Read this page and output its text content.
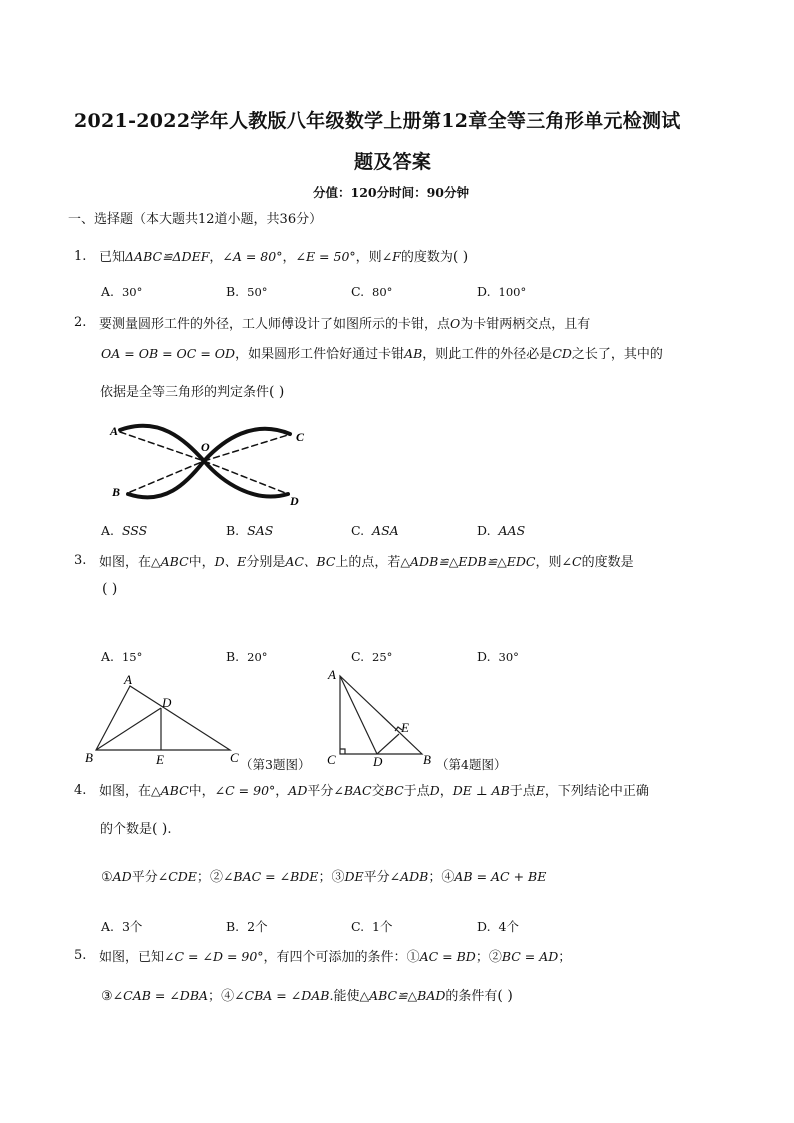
2021-2022学年人教版八年级数学上册第12章全等三角形单元检测试
题及答案
分值：120分时间：90分钟
一、选择题（本大题共12道小题，共36分）
1. 已知ΔABC≌ΔDEF，∠A = 80°，∠E = 50°，则∠F的度数为( )
A. 30°	B. 50°	C. 80°	D. 100°
2. 要测量圆形工件的外径，工人师傅设计了如图所示的卡钳，点O为卡钳两柄交点，且有
OA = OB = OC = OD，如果圆形工件恰好通过卡钳AB，则此工件的外径必是CD之长了，其中的
依据是全等三角形的判定条件( )
A
B
C
D
O
A. SSS	B. SAS	C. ASA	D. AAS
3. 如图，在△ABC中，D、E分别是AC、BC上的点，若△ADB≌△EDB≌△EDC，则∠C的度数是
( )
A. 15°	B. 20°	C. 25°	D. 30°
A
B	C
D
E	（第3题图）
A
C	D
E
B （第4题图）
4. 如图，在△ABC中，∠C = 90°，AD平分∠BAC交BC于点D，DE ⊥ AB于点E，下列结论中正确
的个数是( ).
①AD平分∠CDE；②∠BAC = ∠BDE；③DE平分∠ADB；④AB = AC + BE
A. 3个	B. 2个	C. 1个	D. 4个
5. 如图，已知∠C = ∠D = 90°，有四个可添加的条件：①AC = BD；②BC = AD；
③∠CAB = ∠DBA；④∠CBA = ∠DAB.能使△ABC≌△BAD的条件有( )
